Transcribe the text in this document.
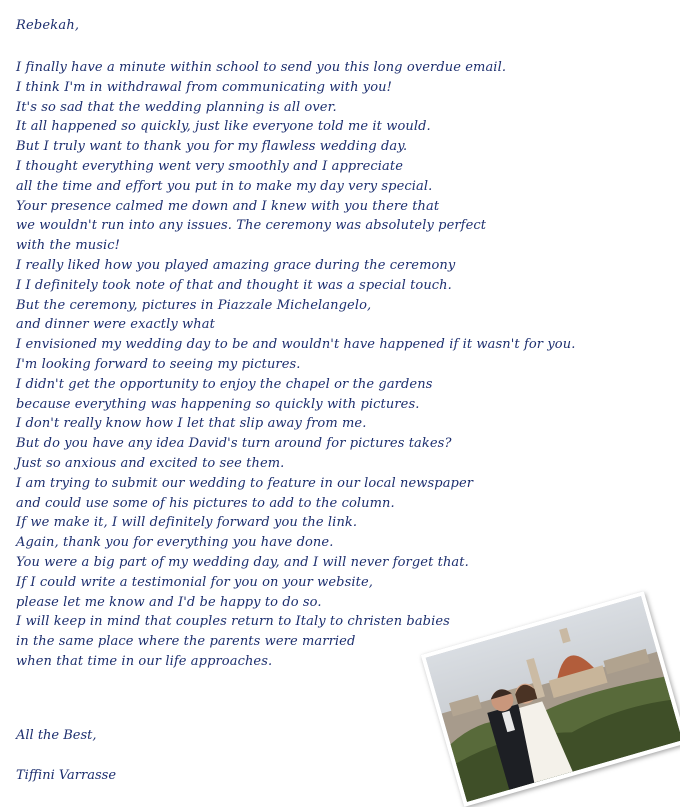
Rebekah,
I finally have a minute within school to send you this long overdue email.
I think I'm in withdrawal from communicating with you!
It's so sad that the wedding planning is all over.
It all happened so quickly, just like everyone told me it would.
But I truly want to thank you for my flawless wedding day.
I thought everything went very smoothly and I appreciate
all the time and effort you put in to make my day very special.
Your presence calmed me down and I knew with you there that
we wouldn't run into any issues. The ceremony was absolutely perfect
with the music!
I really liked how you played amazing grace during the ceremony
I I definitely took note of that and thought it was a special touch.
But the ceremony, pictures in Piazzale Michelangelo,
and dinner were exactly what
I envisioned my wedding day to be and wouldn't have happened if it wasn't for you.
I'm looking forward to seeing my pictures.
I didn't get the opportunity to enjoy the chapel or the gardens
because everything was happening so quickly with pictures.
I don't really know how I let that slip away from me.
But do you have any idea David's turn around for pictures takes?
Just so anxious and excited to see them.
I am trying to submit our wedding to feature in our local newspaper
and could use some of his pictures to add to the column.
If we make it, I will definitely forward you the link.
Again, thank you for everything you have done.
You were a big part of my wedding day, and I will never forget that.
If I could write a testimonial for you on your website,
please let me know and I'd be happy to do so.
I will keep in mind that couples return to Italy to christen babies
in the same place where the parents were married
when that time in our life approaches.
All the Best,
Tiffini Varrasse
